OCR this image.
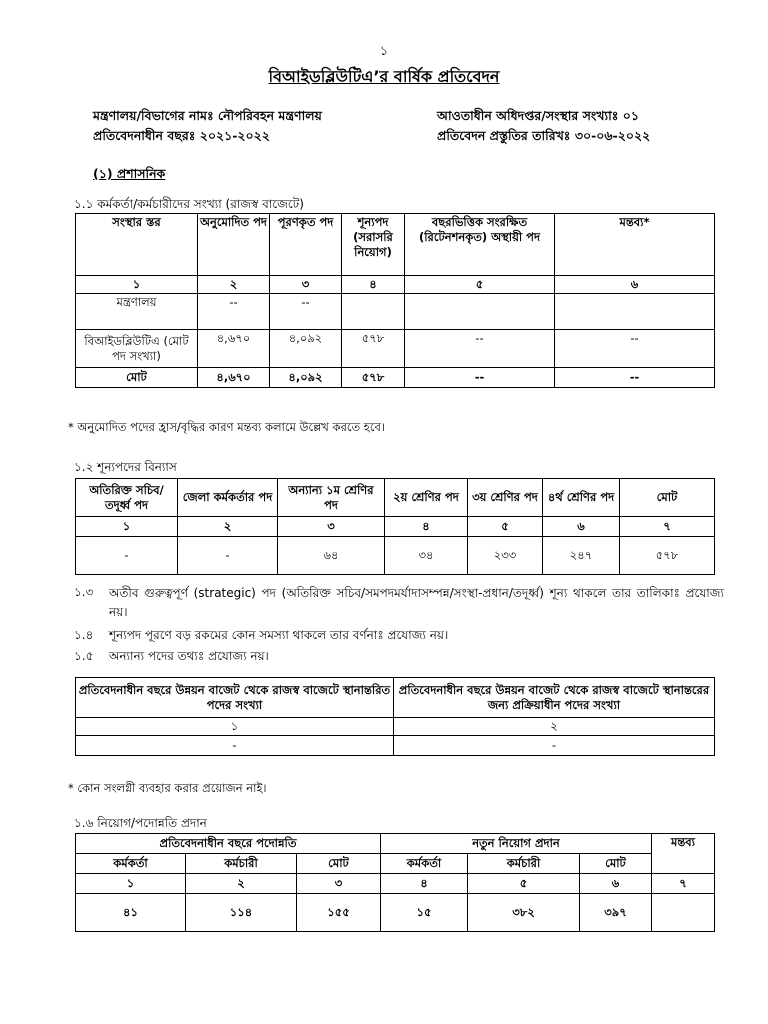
১
বিআইডব্লিউটিএ’র বার্ষিক প্রতিবেদন
মন্ত্রণালয়/বিভাগের নামঃ নৌপরিবহন মন্ত্রণালয়	আওতাধীন অধিদপ্তর/সংস্থার সংখ্যাঃ ০১
প্রতিবেদনাধীন বছরঃ ২০২১-২০২২	প্রতিবেদন প্রস্তুতির তারিখঃ ৩০-০৬-২০২২
(১) প্রশাসনিক
১.১ কর্মকর্তা/কর্মচারীদের সংখ্যা (রাজস্ব বাজেটে)
সংস্থার স্তর	অনুমোদিত পদ	পূরণকৃত পদ	শূন্যপদ (সরাসরি নিয়োগ)	বছরভিত্তিক সংরক্ষিত (রিটেনশনকৃত) অস্থায়ী পদ	মন্তব্য*
১	২	৩	৪	৫	৬
মন্ত্রণালয়	--	--			
বিআইডব্লিউটিএ (মোট পদ সংখ্যা)	৪,৬৭০	৪,০৯২	৫৭৮	--	--
মোট	৪,৬৭০	৪,০৯২	৫৭৮	--	--
* অনুমোদিত পদের হ্রাস/বৃদ্ধির কারণ মন্তব্য কলামে উল্লেখ করতে হবে।
১.২ শূন্যপদের বিন্যাস
অতিরিক্ত সচিব/তদূর্ধ্ব পদ	জেলা কর্মকর্তার পদ	অন্যান্য ১ম শ্রেণির পদ	২য় শ্রেণির পদ	৩য় শ্রেণির পদ	৪র্থ শ্রেণির পদ	মোট
১	২	৩	৪	৫	৬	৭
-	-	৬৪	৩৪	২৩৩	২৪৭	৫৭৮
১.৩ অতীব গুরুত্বপূর্ণ (strategic) পদ (অতিরিক্ত সচিব/সমপদমর্যাদাসম্পন্ন/সংস্থা-প্রধান/তদূর্ধ্ব) শূন্য থাকলে তার তালিকাঃ প্রযোজ্য নয়।
১.৪ শূন্যপদ পূরণে বড় রকমের কোন সমস্যা থাকলে তার বর্ণনাঃ প্রযোজ্য নয়।
১.৫ অন্যান্য পদের তথ্যঃ প্রযোজ্য নয়।
প্রতিবেদনাধীন বছরে উন্নয়ন বাজেট থেকে রাজস্ব বাজেটে স্থানান্তরিত পদের সংখ্যা	প্রতিবেদনাধীন বছরে উন্নয়ন বাজেট থেকে রাজস্ব বাজেটে স্থানান্তরের জন্য প্রক্রিয়াধীন পদের সংখ্যা
১	২
-	-
* কোন সংলগ্নী ব্যবহার করার প্রয়োজন নাই।
১.৬ নিয়োগ/পদোন্নতি প্রদান
প্রতিবেদনাধীন বছরে পদোন্নতি			নতুন নিয়োগ প্রদান			মন্তব্য
কর্মকর্তা	কর্মচারী	মোট	কর্মকর্তা	কর্মচারী	মোট	
১	২	৩	৪	৫	৬	৭
৪১	১১৪	১৫৫	১৫	৩৮২	৩৯৭	
